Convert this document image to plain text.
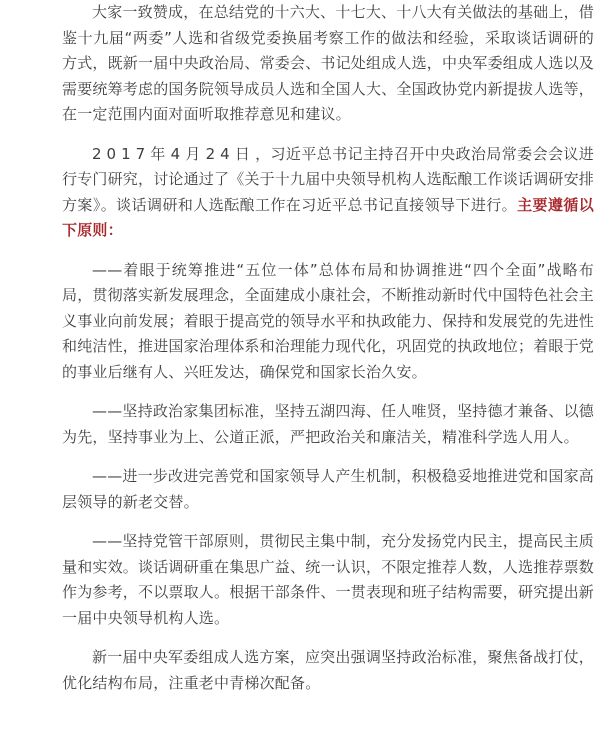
大家一致赞成，在总结党的十六大、十七大、十八大有关做法的基础上，借鉴十九届“两委”人选和省级党委换届考察工作的做法和经验，采取谈话调研的方式，既新一届中央政治局、常委会、书记处组成人选，中央军委组成人选以及需要统筹考虑的国务院领导成员人选和全国人大、全国政协党内新提拔人选等，在一定范围内面对面听取推荐意见和建议。

2017年4月24日，习近平总书记主持召开中央政治局常委会会议进行专门研究，讨论通过了《关于十九届中央领导机构人选酝酿工作谈话调研安排方案》。谈话调研和人选酝酿工作在习近平总书记直接领导下进行。主要遵循以下原则：

——着眼于统筹推进“五位一体”总体布局和协调推进“四个全面”战略布局，贯彻落实新发展理念，全面建成小康社会，不断推动新时代中国特色社会主义事业向前发展；着眼于提高党的领导水平和执政能力、保持和发展党的先进性和纯洁性，推进国家治理体系和治理能力现代化，巩固党的执政地位；着眼于党的事业后继有人、兴旺发达，确保党和国家长治久安。

——坚持政治家集团标准，坚持五湖四海、任人唯贤，坚持德才兼备、以德为先，坚持事业为上、公道正派，严把政治关和廉洁关，精准科学选人用人。

——进一步改进完善党和国家领导人产生机制，积极稳妥地推进党和国家高层领导的新老交替。

——坚持党管干部原则，贯彻民主集中制，充分发扬党内民主，提高民主质量和实效。谈话调研重在集思广益、统一认识，不限定推荐人数，人选推荐票数作为参考，不以票取人。根据干部条件、一贯表现和班子结构需要，研究提出新一届中央领导机构人选。

新一届中央军委组成人选方案，应突出强调坚持政治标准，聚焦备战打仗，优化结构布局，注重老中青梯次配备。
